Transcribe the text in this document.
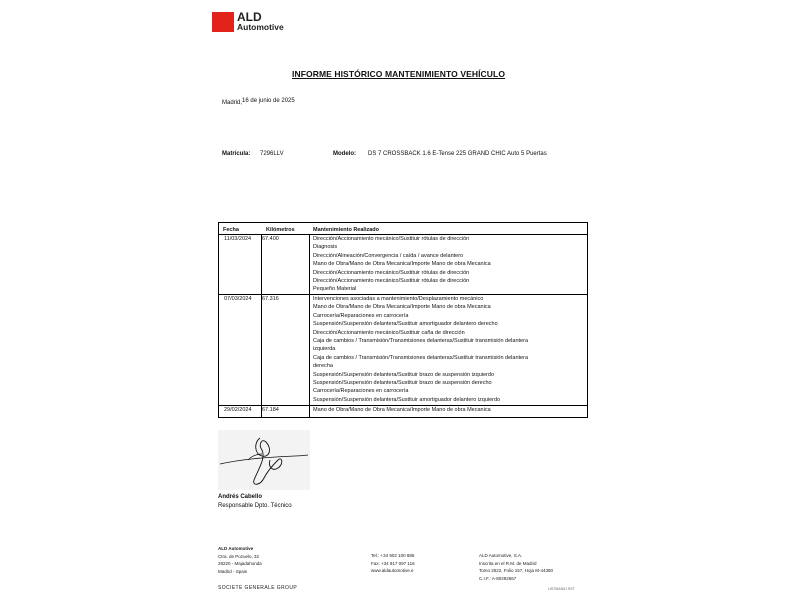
ALD
Automotive
INFORME HISTÓRICO MANTENIMIENTO VEHÍCULO
Madrid,16 de junio de 2025
Matrícula: 7296LLV	Modelo: DS 7 CROSSBACK 1.6 E-Tense 225 GRAND CHIC Auto 5 Puertas
Fecha	Kilómetros	Mantenimiento Realizado
11/03/2024 67.400	Dirección/Accionamiento mecánico/Sustituir rótulas de dirección
Diagnosis
Dirección/Alineación/Convergencia / caída / avance delantero
Mano de Obra/Mano de Obra Mecanica/Importe Mano de obra Mecanica
Dirección/Accionamiento mecánico/Sustituir rótulas de dirección
Dirección/Accionamiento mecánico/Sustituir rótulas de dirección
Pequeño Material
07/03/2024 67.316	Intervenciones asociadas a mantenimiento/Desplazamiento mecánico
Mano de Obra/Mano de Obra Mecanica/Importe Mano de obra Mecanica
Carrocería/Reparaciones en carrocería
Suspensión/Suspensión delantera/Sustituir amortiguador delantero derecho
Dirección/Accionamiento mecánico/Sustituir caña de dirección
Caja de cambios / Transmisión/Transmisiones delanteras/Sustituir transmisión delantera izquierda
Caja de cambios / Transmisión/Transmisiones delanteras/Sustituir transmisión delantera derecha
Suspensión/Suspensión delantera/Sustituir brazo de suspensión izquierdo
Suspensión/Suspensión delantera/Sustituir brazo de suspensión derecho
Carrocería/Reparaciones en carrocería
Suspensión/Suspensión delantera/Sustituir amortiguador delantero izquierdo
29/02/2024 67.184	Mano de Obra/Mano de Obra Mecanica/Importe Mano de obra Mecanica
Andrés Cabello
Responsable Dpto. Técnico
ALD Automotive
Ctra. de Pozuelo, 32
28220 - Majadahonda
Madrid - Spain
Tel.: +34 902 100 885
Fax: +34 917 097 116
www.aldautomotive.e
ALD Automotive, S.A.
Inscrita en el R.M. de Madrid
Tomo 2522, Folio 157, Hoja M-44380
C.I.F.: A-80292667
SOCIETE GENERALE GROUP	LISTMAN01 R/IT
